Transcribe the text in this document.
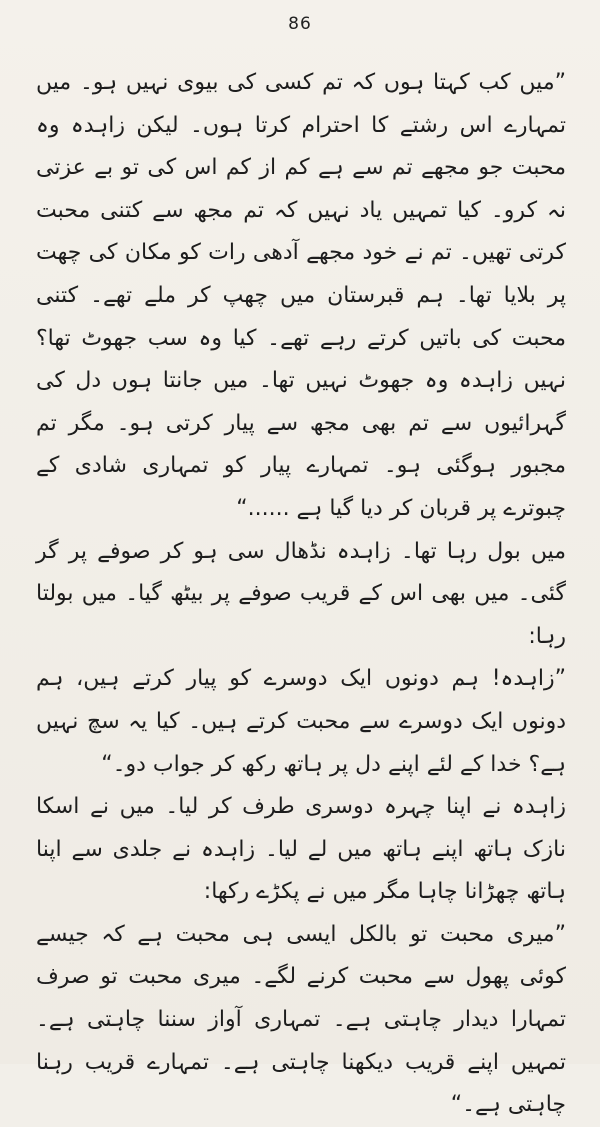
86

”میں کب کہتا ہوں کہ تم کسی کی بیوی نہیں ہو۔ میں تمہارے اس رشتے کا احترام کرتا ہوں۔ لیکن زاہدہ وہ محبت جو مجھے تم سے ہے کم از کم اس کی تو بے عزتی نہ کرو۔ کیا تمہیں یاد نہیں کہ تم مجھ سے کتنی محبت کرتی تھیں۔ تم نے خود مجھے آدھی رات کو مکان کی چھت پر بلایا تھا۔ ہم قبرستان میں چھپ کر ملے تھے۔ کتنی محبت کی باتیں کرتے رہے تھے۔ کیا وہ سب جھوٹ تھا؟ نہیں زاہدہ وہ جھوٹ نہیں تھا۔ میں جانتا ہوں دل کی گہرائیوں سے تم بھی مجھ سے پیار کرتی ہو۔ مگر تم مجبور ہوگئی ہو۔ تمہارے پیار کو تمہاری شادی کے چبوترے پر قربان کر دیا گیا ہے ......“

میں بول رہا تھا۔ زاہدہ نڈھال سی ہو کر صوفے پر گر گئی۔ میں بھی اس کے قریب صوفے پر بیٹھ گیا۔ میں بولتا رہا:

”زاہدہ! ہم دونوں ایک دوسرے کو پیار کرتے ہیں، ہم دونوں ایک دوسرے سے محبت کرتے ہیں۔ کیا یہ سچ نہیں ہے؟ خدا کے لئے اپنے دل پر ہاتھ رکھ کر جواب دو۔“

زاہدہ نے اپنا چہرہ دوسری طرف کر لیا۔ میں نے اسکا نازک ہاتھ اپنے ہاتھ میں لے لیا۔ زاہدہ نے جلدی سے اپنا ہاتھ چھڑانا چاہا مگر میں نے پکڑے رکھا:

”میری محبت تو بالکل ایسی ہی محبت ہے کہ جیسے کوئی پھول سے محبت کرنے لگے۔ میری محبت تو صرف تمہارا دیدار چاہتی ہے۔ تمہاری آواز سننا چاہتی ہے۔ تمہیں اپنے قریب دیکھنا چاہتی ہے۔ تمہارے قریب رہنا چاہتی ہے۔“
